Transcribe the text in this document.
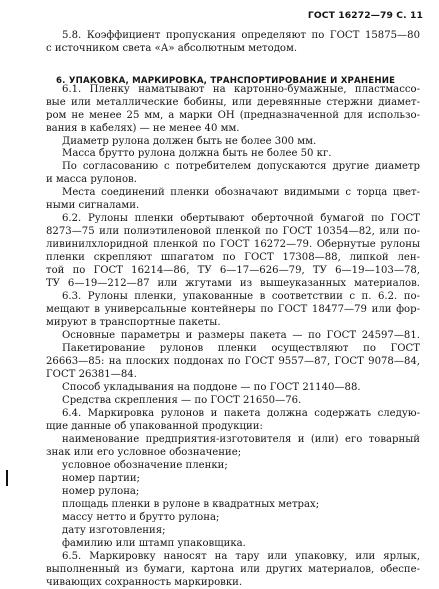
ГОСТ 16272—79 С. 11
6. УПАКОВКА, МАРКИРОВКА, ТРАНСПОРТИРОВАНИЕ И ХРАНЕНИЕ
5.8. Коэффициент пропускания определяют по ГОСТ 15875—80
с источником света «А» абсолютным методом.
6.1. Пленку наматывают на картонно-бумажные, пластмассо-
вые или металлические бобины, или деревянные стержни диамет-
ром не менее 25 мм, а марки ОН (предназначенной для использо-
вания в кабелях) — не менее 40 мм.
Диаметр рулона должен быть не более 300 мм.
Масса брутто рулона должна быть не более 50 кг.
По согласованию с потребителем допускаются другие диаметр
и масса рулонов.
Места соединений пленки обозначают видимыми с торца цвет-
ными сигналами.
6.2. Рулоны пленки обертывают оберточной бумагой по ГОСТ
8273—75 или полиэтиленовой пленкой по ГОСТ 10354—82, или по-
ливинилхлоридной пленкой по ГОСТ 16272—79. Обернутые рулоны
пленки скрепляют шпагатом по ГОСТ 17308—88, липкой лен-
той по ГОСТ 16214—86, ТУ 6—17—626—79, ТУ 6—19—103—78,
ТУ 6—19—212—87 или жгутами из вышеуказанных материалов.
6.3. Рулоны пленки, упакованные в соответствии с п. 6.2. по-
мещают в универсальные контейнеры по ГОСТ 18477—79 или фор-
мируют в транспортные пакеты.
Основные параметры и размеры пакета — по ГОСТ 24597—81.
Пакетирование рулонов пленки осуществляют по ГОСТ
26663—85: на плоских поддонах по ГОСТ 9557—87, ГОСТ 9078—84,
ГОСТ 26381—84.
Способ укладывания на поддоне — по ГОСТ 21140—88.
Средства скрепления — по ГОСТ 21650—76.
6.4. Маркировка рулонов и пакета должна содержать следую-
щие данные об упакованной продукции:
наименование предприятия-изготовителя и (или) его товарный
знак или его условное обозначение;
условное обозначение пленки;
номер партии;
номер рулона;
площадь пленки в рулоне в квадратных метрах;
массу нетто и брутто рулона;
дату изготовления;
фамилию или штамп упаковщика.
6.5. Маркировку наносят на тару или упаковку, или ярлык,
выполненный из бумаги, картона или других материалов, обеспе-
чивающих сохранность маркировки.
